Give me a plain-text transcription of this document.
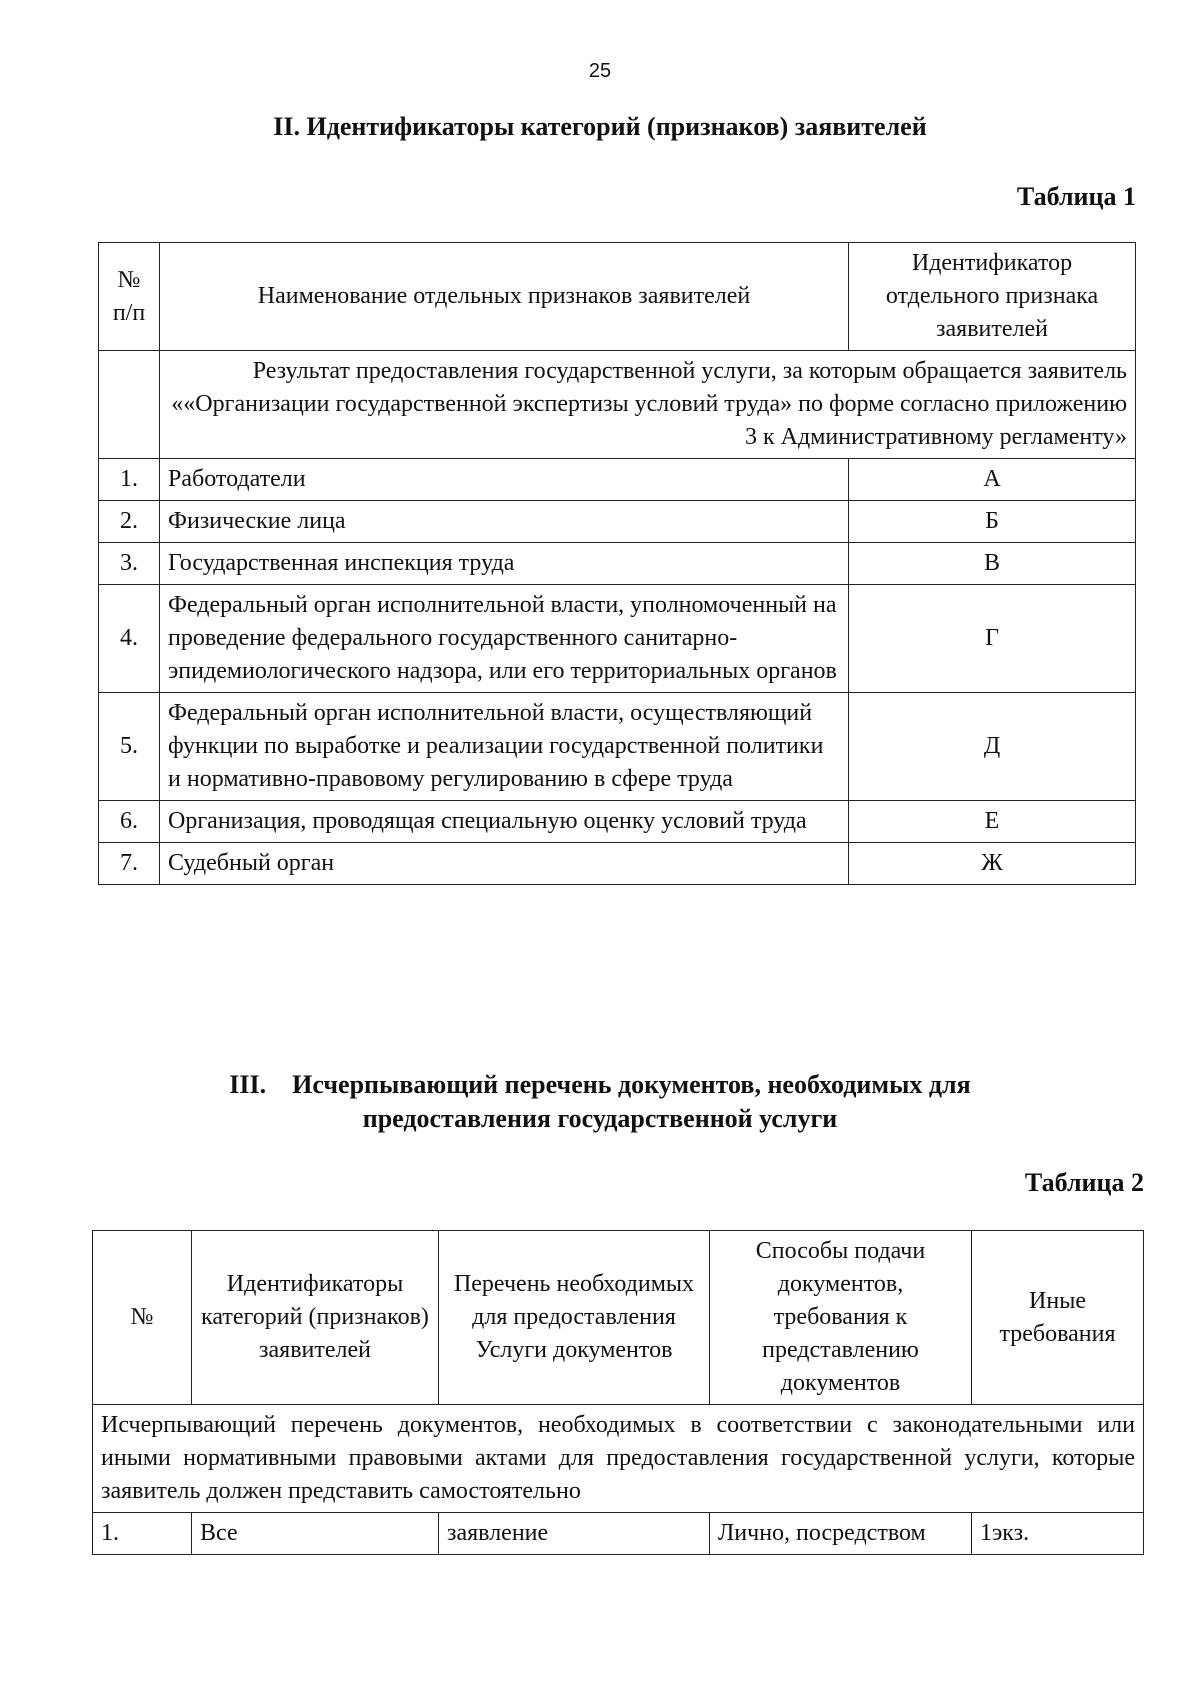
25
II. Идентификаторы категорий (признаков) заявителей
Таблица 1
№ п/п	Наименование отдельных признаков заявителей	Идентификатор отдельного признака заявителей
	Результат предоставления государственной услуги, за которым обращается заявитель ««Организации государственной экспертизы условий труда» по форме согласно приложению 3 к Административному регламенту»	
1.	Работодатели	А
2.	Физические лица	Б
3.	Государственная инспекция труда	В
4.	Федеральный орган исполнительной власти, уполномоченный на проведение федерального государственного санитарно-эпидемиологического надзора, или его территориальных органов	Г
5.	Федеральный орган исполнительной власти, осуществляющий функции по выработке и реализации государственной политики и нормативно-правовому регулированию в сфере труда	Д
6.	Организация, проводящая специальную оценку условий труда	Е
7.	Судебный орган	Ж
III.    Исчерпывающий перечень документов, необходимых для
предоставления государственной услуги
Таблица 2
№	Идентификаторы категорий (признаков) заявителей	Перечень необходимых для предоставления Услуги документов	Способы подачи документов, требования к представлению документов	Иные требования
Исчерпывающий перечень документов, необходимых в соответствии с законодательными или иными нормативными правовыми актами для предоставления государственной услуги, которые заявитель должен представить самостоятельно				
1.	Все	заявление	Лично, посредством	1экз.
